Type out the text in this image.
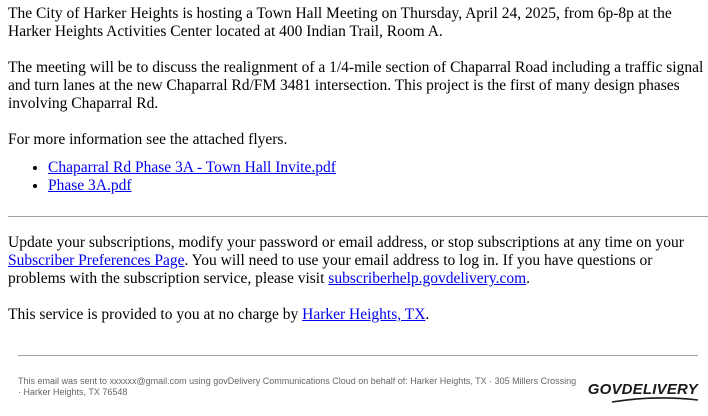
The City of Harker Heights is hosting a Town Hall Meeting on Thursday, April 24, 2025, from 6p-8p at the Harker Heights Activities Center located at 400 Indian Trail, Room A.

The meeting will be to discuss the realignment of a 1/4-mile section of Chaparral Road including a traffic signal and turn lanes at the new Chaparral Rd/FM 3481 intersection. This project is the first of many design phases involving Chaparral Rd.

For more information see the attached flyers.

• Chaparral Rd Phase 3A - Town Hall Invite.pdf
• Phase 3A.pdf

Update your subscriptions, modify your password or email address, or stop subscriptions at any time on your Subscriber Preferences Page. You will need to use your email address to log in. If you have questions or problems with the subscription service, please visit subscriberhelp.govdelivery.com.

This service is provided to you at no charge by Harker Heights, TX.

This email was sent to xxxxxx@gmail.com using govDelivery Communications Cloud on behalf of: Harker Heights, TX · 305 Millers Crossing · Harker Heights, TX 76548	GOVDELIVERY
